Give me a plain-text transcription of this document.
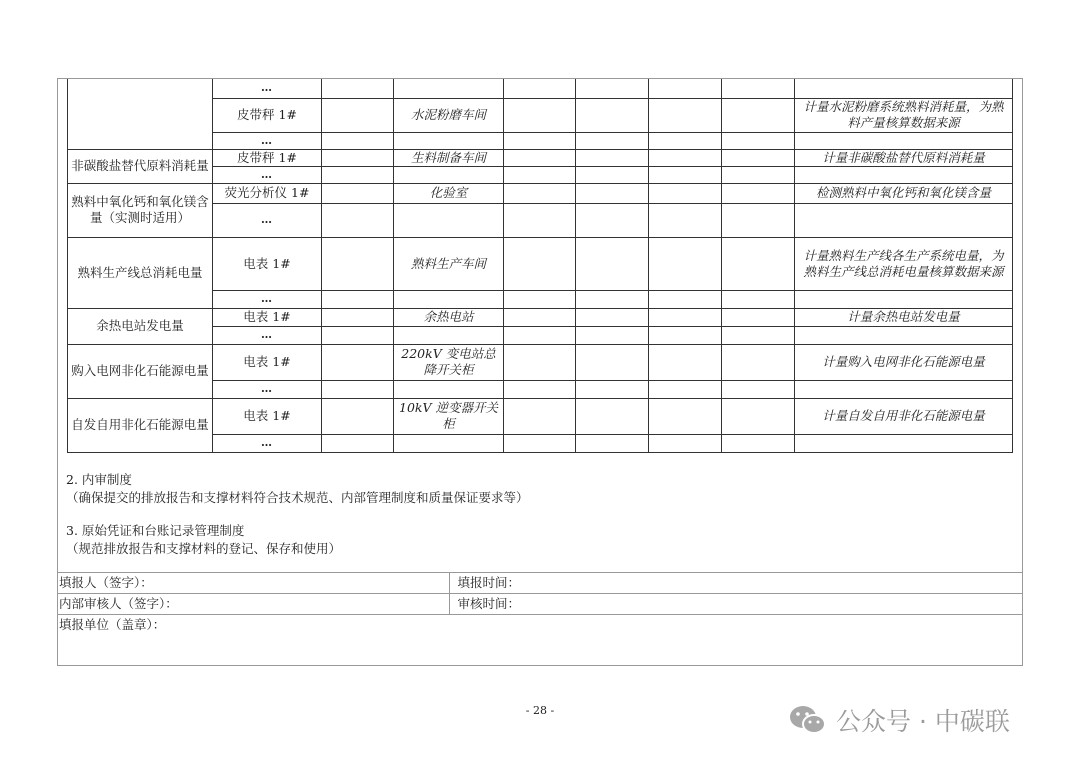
	…							
	皮带秤 1#		水泥粉磨车间					计量水泥粉磨系统熟料消耗量，为熟料产量核算数据来源
	…							
非碳酸盐替代原料消耗量	皮带秤 1#		生料制备车间					计量非碳酸盐替代原料消耗量
	…							
熟料中氧化钙和氧化镁含量（实测时适用）	荧光分析仪 1#		化验室					检测熟料中氧化钙和氧化镁含量
	…							
熟料生产线总消耗电量	电表 1#		熟料生产车间					计量熟料生产线各生产系统电量，为熟料生产线总消耗电量核算数据来源
	…							
余热电站发电量	电表 1#		余热电站					计量余热电站发电量
	…							
购入电网非化石能源电量	电表 1#		220kV 变电站总降开关柜					计量购入电网非化石能源电量
	…							
自发自用非化石能源电量	电表 1#		10kV 逆变器开关柜					计量自发自用非化石能源电量
	…							
2. 内审制度
（确保提交的排放报告和支撑材料符合技术规范、内部管理制度和质量保证要求等）
3. 原始凭证和台账记录管理制度
（规范排放报告和支撑材料的登记、保存和使用）
填报人（签字）：	填报时间：
内部审核人（签字）：	审核时间：
填报单位（盖章）：	
- 28 -	公众号 · 中碳联
